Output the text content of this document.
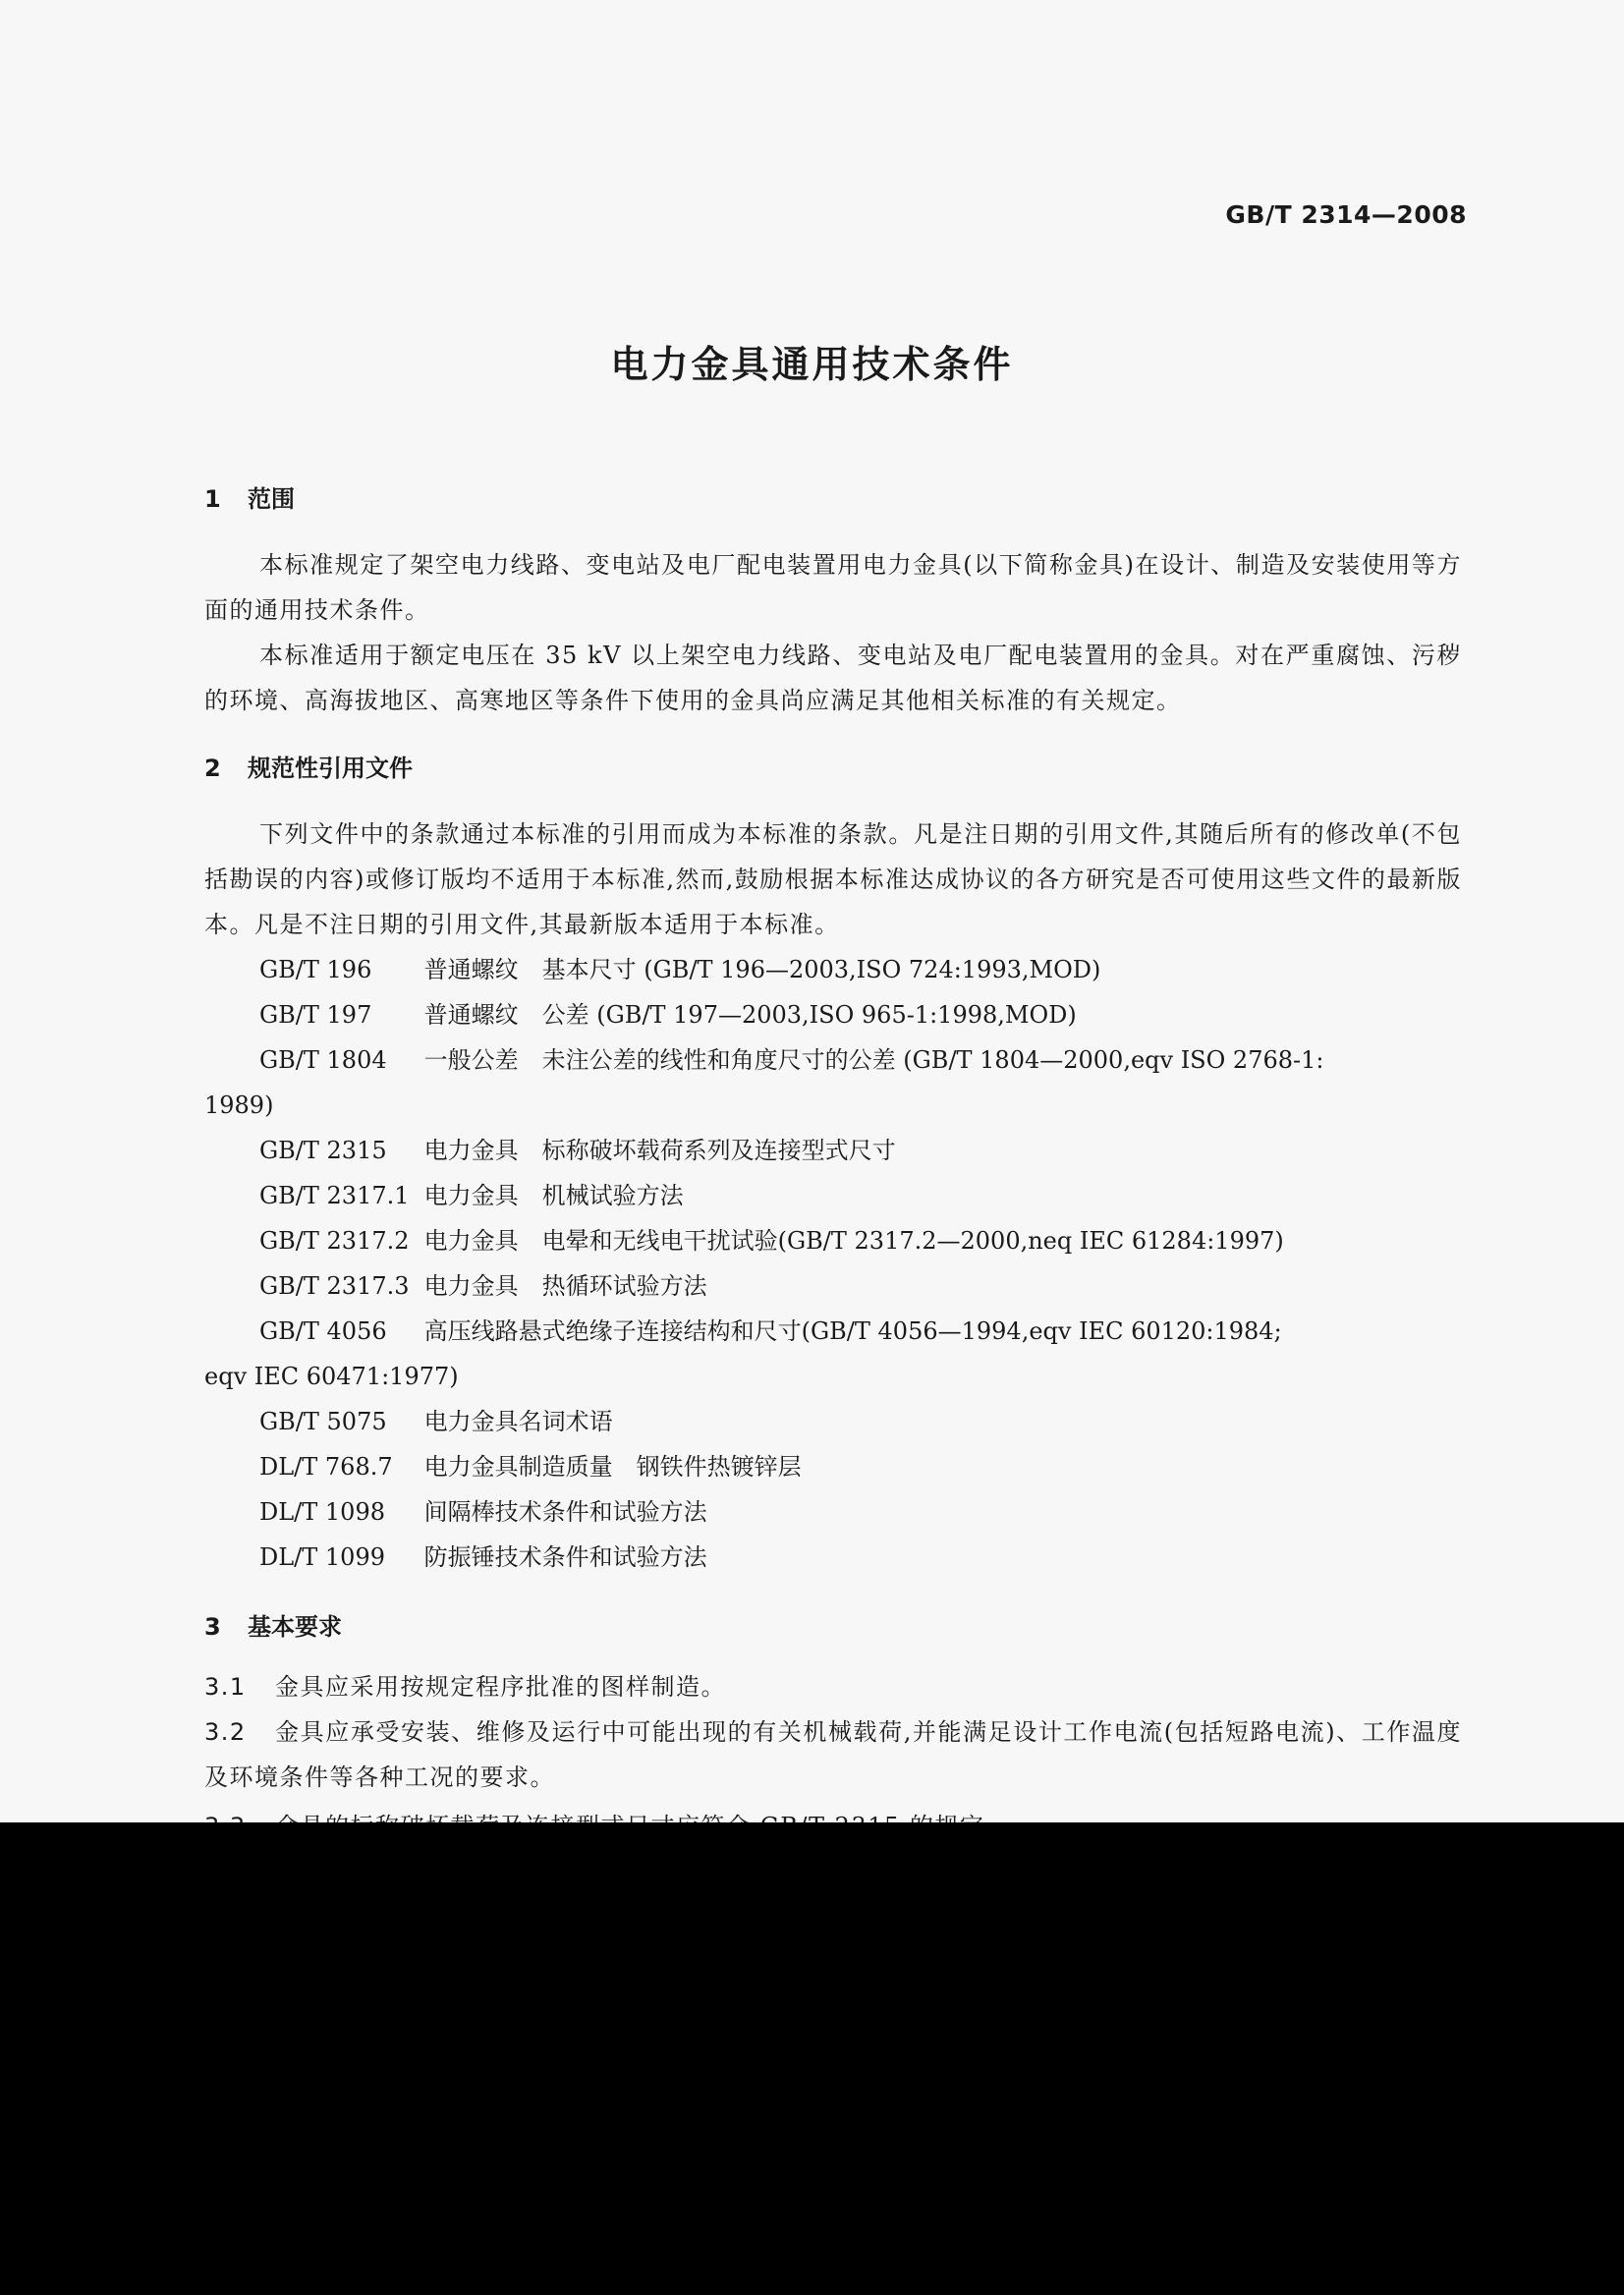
GB/T 2314—2008
电力金具通用技术条件
1 范围
本标准规定了架空电力线路、变电站及电厂配电装置用电力金具(以下简称金具)在设计、制造及安装使用等方面的通用技术条件。
本标准适用于额定电压在 35 kV 以上架空电力线路、变电站及电厂配电装置用的金具。对在严重腐蚀、污秽的环境、高海拔地区、高寒地区等条件下使用的金具尚应满足其他相关标准的有关规定。
2 规范性引用文件
下列文件中的条款通过本标准的引用而成为本标准的条款。凡是注日期的引用文件,其随后所有的修改单(不包括勘误的内容)或修订版均不适用于本标准,然而,鼓励根据本标准达成协议的各方研究是否可使用这些文件的最新版本。凡是不注日期的引用文件,其最新版本适用于本标准。
GB/T 196 普通螺纹　基本尺寸 (GB/T 196—2003,ISO 724:1993,MOD)
GB/T 197 普通螺纹　公差 (GB/T 197—2003,ISO 965-1:1998,MOD)
GB/T 1804 一般公差　未注公差的线性和角度尺寸的公差 (GB/T 1804—2000,eqv ISO 2768-1:
1989)
GB/T 2315 电力金具　标称破坏载荷系列及连接型式尺寸
GB/T 2317.1 电力金具　机械试验方法
GB/T 2317.2 电力金具　电晕和无线电干扰试验(GB/T 2317.2—2000,neq IEC 61284:1997)
GB/T 2317.3 电力金具　热循环试验方法
GB/T 4056 高压线路悬式绝缘子连接结构和尺寸(GB/T 4056—1994,eqv IEC 60120:1984;
eqv IEC 60471:1977)
GB/T 5075 电力金具名词术语
DL/T 768.7 电力金具制造质量　钢铁件热镀锌层
DL/T 1098 间隔棒技术条件和试验方法
DL/T 1099 防振锤技术条件和试验方法
3 基本要求
3.1 金具应采用按规定程序批准的图样制造。
3.2 金具应承受安装、维修及运行中可能出现的有关机械载荷,并能满足设计工作电流(包括短路电流)、工作温度及环境条件等各种工况的要求。
